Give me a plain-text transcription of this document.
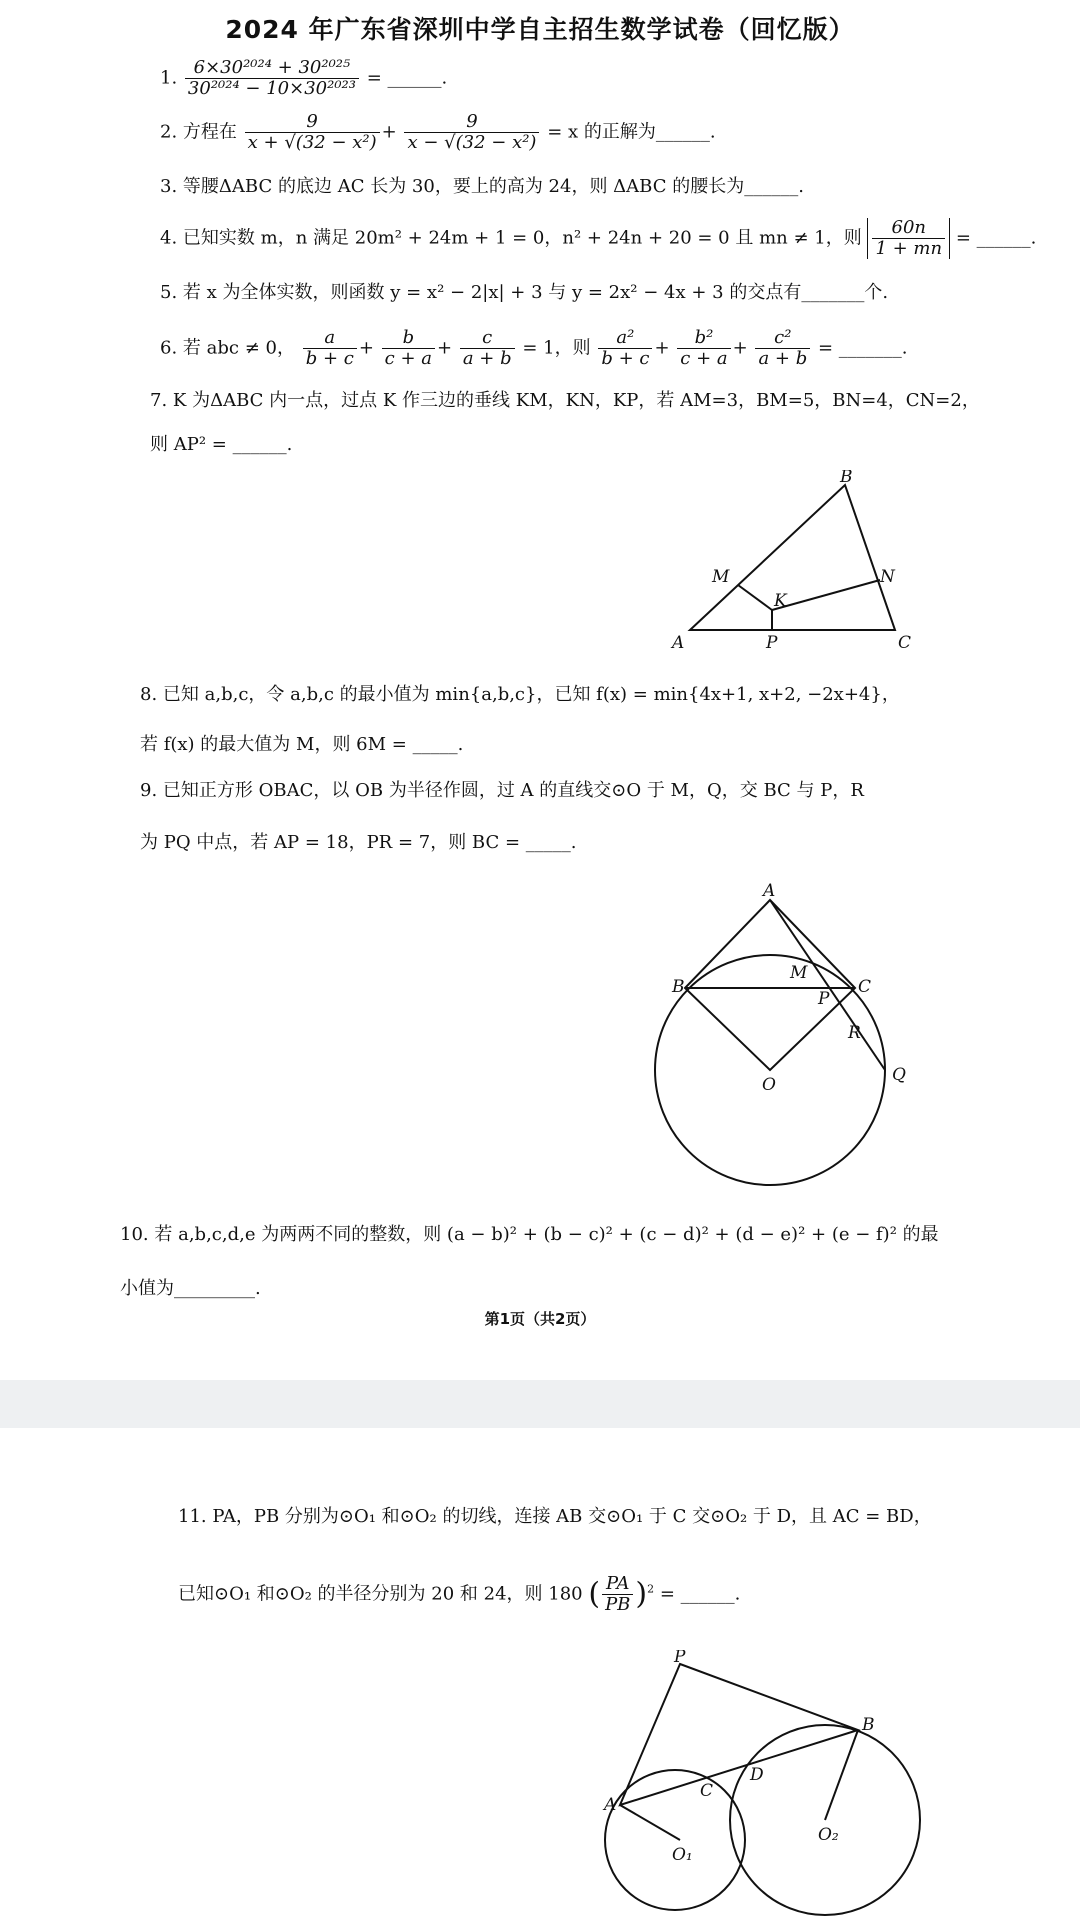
2024 年广东省深圳中学自主招生数学试卷（回忆版）
1. $\frac{\text{6×30²⁰²⁴ + 30²⁰²⁵}}{\text{30²⁰²⁴ − 10×30²⁰²³}}$ = ______.
2. 方程在 $\frac{9}{\text{x + √(32 − x²)}} + \frac{9}{\text{x − √(32 − x²)}} = x$ 的正解为______.
3. 等腰ΔABC 的底边 AC 长为 30，要上的高为 24，则 ΔABC 的腰长为______.
4. 已知实数 m，n 满足 20m² + 24m + 1 = 0，n² + 24n + 20 = 0 且 mn ≠ 1，则 $\frac{60n}{1 + mn}$ = ______.
5. 若 x 为全体实数，则函数 y = x² − 2|x| + 3 与 y = 2x² − 4x + 3 的交点有_______个.
6. 若 abc ≠ 0， $\frac{a}{b + c} + \frac{b}{c + a} + \frac{c}{a + b} = 1$，则 $\frac{\text{a²}}{b + c} + \frac{\text{b²}}{c + a} + \frac{\text{c²}}{a + b}$ = _______.
7. K 为ΔABC 内一点，过点 K 作三边的垂线 KM，KN，KP，若 AM=3，BM=5，BN=4，CN=2，
则 AP² = ______.
A
B
C
M	N
K
P
8. 已知 a,b,c，令 a,b,c 的最小值为 min{a,b,c}，已知 f(x) = min{4x+1, x+2, −2x+4}，
若 f(x) 的最大值为 M，则 6M = _____.
9. 已知正方形 OBAC，以 OB 为半径作圆，过 A 的直线交⊙O 于 M，Q，交 BC 与 P，R
为 PQ 中点，若 AP = 18，PR = 7，则 BC = _____.
A
B	C
M
P
R
O	Q
10. 若 a,b,c,d,e 为两两不同的整数，则 (a − b)² + (b − c)² + (c − d)² + (d − e)² + (e − f)² 的最
小值为_________.
第1页（共2页）
11. PA，PB 分别为⊙O₁ 和⊙O₂ 的切线，连接 AB 交⊙O₁ 于 C 交⊙O₂ 于 D，且 AC = BD，
已知⊙O₁ 和⊙O₂ 的半径分别为 20 和 24，则 180 ( $\frac{PA}{PB} )^2$ = ______.
P
B
A
C
D
O₁
O₂
